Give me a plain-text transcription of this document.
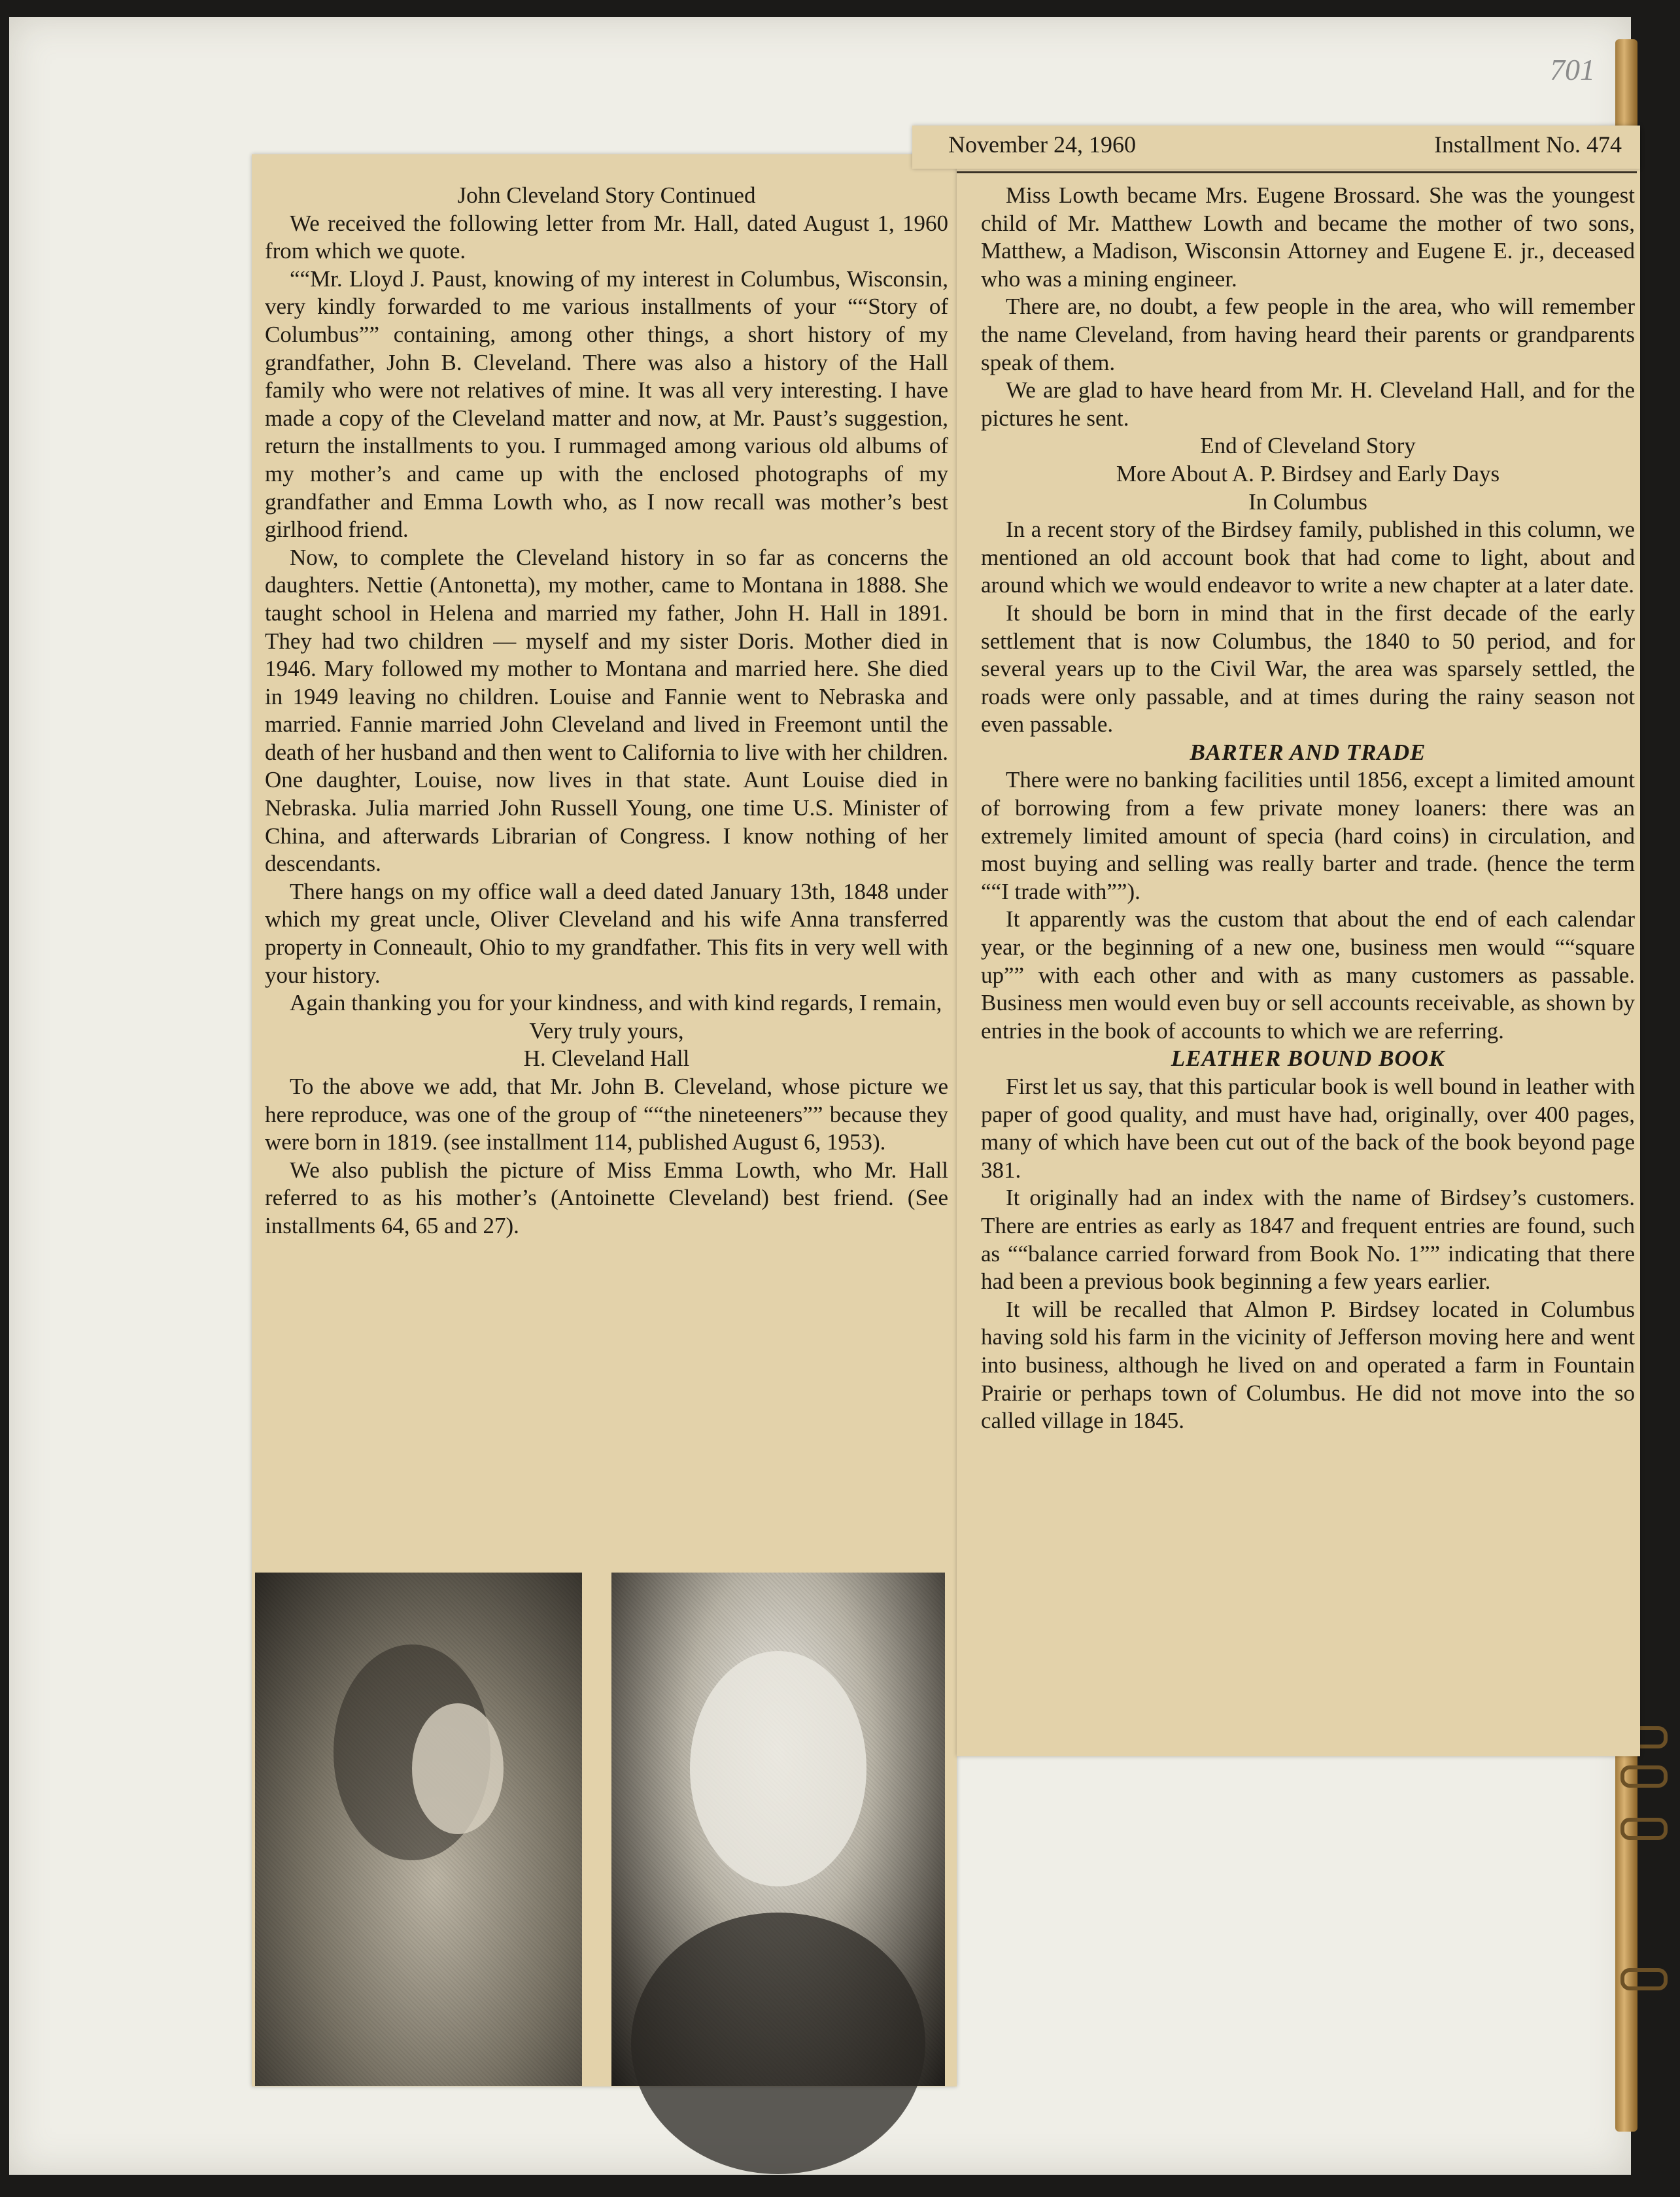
701
November 24, 1960	Installment No. 474

John Cleveland Story Continued

We received the following letter from Mr. Hall, dated August 1, 1960 from which we quote.

““Mr. Lloyd J. Paust, knowing of my interest in Columbus, Wisconsin, very kindly forwarded to me various installments of your ““Story of Columbus”” containing, among other things, a short history of my grandfather, John B. Cleveland. There was also a history of the Hall family who were not relatives of mine. It was all very interesting. I have made a copy of the Cleveland matter and now, at Mr. Paust’s suggestion, return the installments to you. I rummaged among various old albums of my mother’s and came up with the enclosed photographs of my grandfather and Emma Lowth who, as I now recall was mother’s best girlhood friend.

Now, to complete the Cleveland history in so far as concerns the daughters. Nettie (Antonetta), my mother, came to Montana in 1888. She taught school in Helena and married my father, John H. Hall in 1891. They had two children — myself and my sister Doris. Mother died in 1946. Mary followed my mother to Montana and married here. She died in 1949 leaving no children. Louise and Fannie went to Nebraska and married. Fannie married John Cleveland and lived in Freemont until the death of her husband and then went to California to live with her children. One daughter, Louise, now lives in that state. Aunt Louise died in Nebraska. Julia married John Russell Young, one time U.S. Minister of China, and afterwards Librarian of Congress. I know nothing of her descendants.

There hangs on my office wall a deed dated January 13th, 1848 under which my great uncle, Oliver Cleveland and his wife Anna transferred property in Conneault, Ohio to my grandfather. This fits in very well with your history.

Again thanking you for your kindness, and with kind regards, I remain,

Very truly yours,

H. Cleveland Hall

To the above we add, that Mr. John B. Cleveland, whose picture we here reproduce, was one of the group of ““the nineteeners”” because they were born in 1819. (see installment 114, published August 6, 1953).

We also publish the picture of Miss Emma Lowth, who Mr. Hall referred to as his mother’s (Antoinette Cleveland) best friend. (See installments 64, 65 and 27).

Miss Lowth became Mrs. Eugene Brossard. She was the youngest child of Mr. Matthew Lowth and became the mother of two sons, Matthew, a Madison, Wisconsin Attorney and Eugene E. jr., deceased who was a mining engineer.

There are, no doubt, a few people in the area, who will remember the name Cleveland, from having heard their parents or grandparents speak of them.

We are glad to have heard from Mr. H. Cleveland Hall, and for the pictures he sent.

End of Cleveland Story

More About A. P. Birdsey and Early Days

In Columbus

In a recent story of the Birdsey family, published in this column, we mentioned an old account book that had come to light, about and around which we would endeavor to write a new chapter at a later date.

It should be born in mind that in the first decade of the early settlement that is now Columbus, the 1840 to 50 period, and for several years up to the Civil War, the area was sparsely settled, the roads were only passable, and at times during the rainy season not even passable.

BARTER AND TRADE

There were no banking facilities until 1856, except a limited amount of borrowing from a few private money loaners: there was an extremely limited amount of specia (hard coins) in circulation, and most buying and selling was really barter and trade. (hence the term ““I trade with””).

It apparently was the custom that about the end of each calendar year, or the beginning of a new one, business men would ““square up”” with each other and with as many customers as passable. Business men would even buy or sell accounts receivable, as shown by entries in the book of accounts to which we are referring.

LEATHER BOUND BOOK

First let us say, that this particular book is well bound in leather with paper of good quality, and must have had, originally, over 400 pages, many of which have been cut out of the back of the book beyond page 381.

It originally had an index with the name of Birdsey’s customers. There are entries as early as 1847 and frequent entries are found, such as ““balance carried forward from Book No. 1”” indicating that there had been a previous book beginning a few years earlier.

It will be recalled that Almon P. Birdsey located in Columbus having sold his farm in the vicinity of Jefferson moving here and went into business, although he lived on and operated a farm in Fountain Prairie or perhaps town of Columbus. He did not move into the so called village in 1845.
